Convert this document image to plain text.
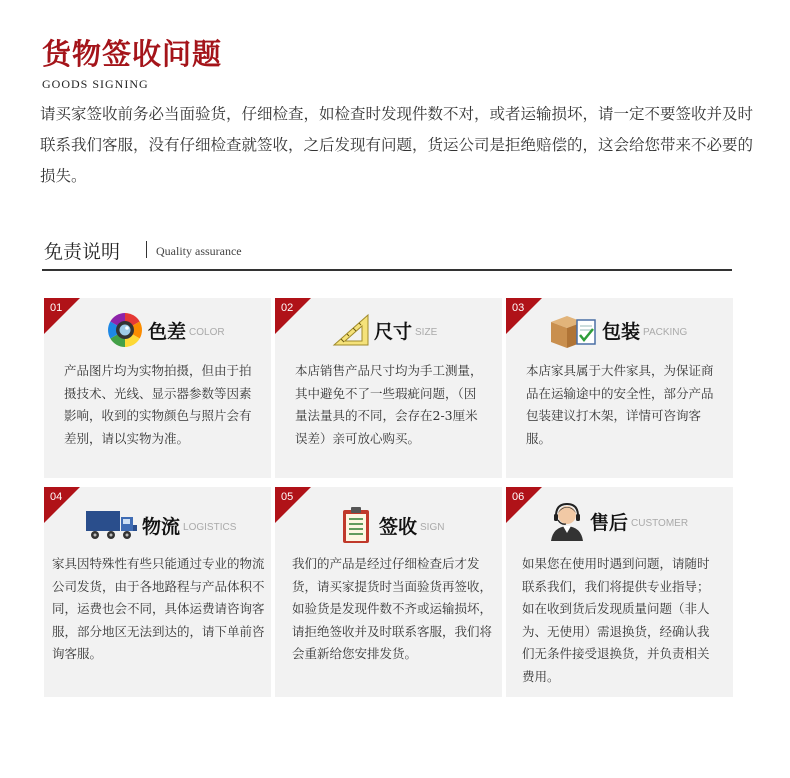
货物签收问题
GOODS SIGNING
请买家签收前务必当面验货，仔细检查，如检查时发现件数不对，或者运输损坏，请一定不要签收并及时联系我们客服，没有仔细检查就签收，之后发现有问题，货运公司是拒绝赔偿的，这会给您带来不必要的损失。
免责说明	Quality assurance
01
色差 COLOR
产品图片均为实物拍摄，但由于拍摄技术、光线、显示器参数等因素影响，收到的实物颜色与照片会有差别，请以实物为准。
02
尺寸 SIZE
本店销售产品尺寸均为手工测量，其中避免不了一些瑕疵问题，（因量法量具的不同，会存在2-3厘米误差）亲可放心购买。
03
包装 PACKING
本店家具属于大件家具，为保证商品在运输途中的安全性，部分产品包装建议打木架，详情可咨询客服。
04
物流 LOGISTICS
家具因特殊性有些只能通过专业的物流公司发货，由于各地路程与产品体积不同，运费也会不同，具体运费请咨询客服，部分地区无法到达的，请下单前咨询客服。
05
签收 SIGN
我们的产品是经过仔细检查后才发货，请买家提货时当面验货再签收，如验货是发现件数不齐或运输损坏，请拒绝签收并及时联系客服，我们将会重新给您安排发货。
06
售后 CUSTOMER
如果您在使用时遇到问题，请随时联系我们，我们将提供专业指导；如在收到货后发现质量问题（非人为、无使用）需退换货，经确认我们无条件接受退换货，并负责相关费用。
